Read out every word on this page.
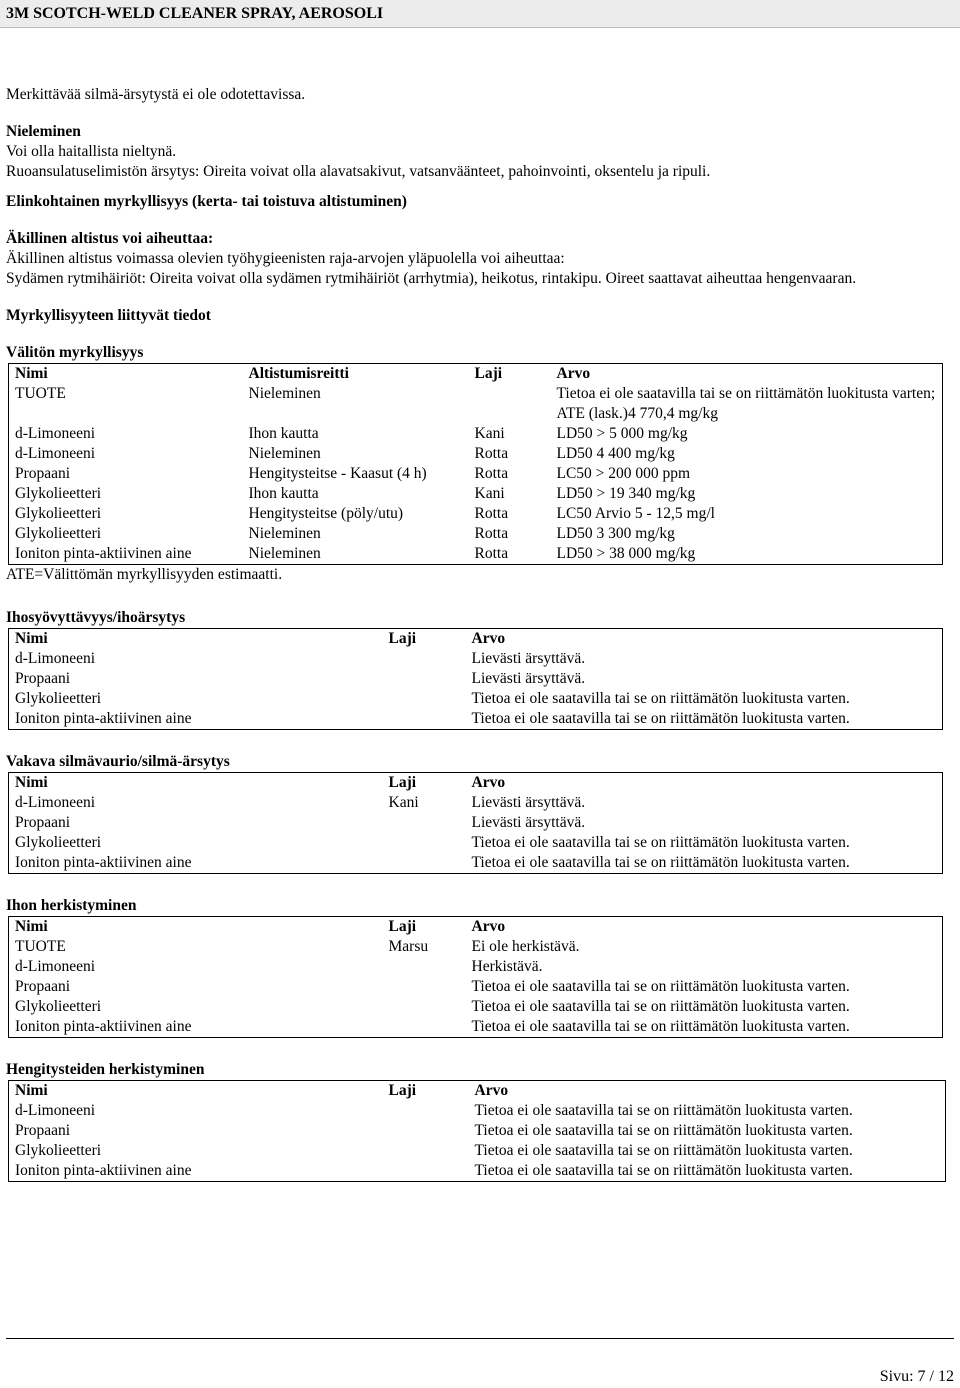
3M SCOTCH-WELD CLEANER SPRAY, AEROSOLI

Merkittävää silmä-ärsytystä ei ole odotettavissa.

Nieleminen

Voi olla haitallista nieltynä.

Ruoansulatuselimistön ärsytys: Oireita voivat olla alavatsakivut, vatsanväänteet, pahoinvointi, oksentelu ja ripuli.

Elinkohtainen myrkyllisyys (kerta- tai toistuva altistuminen)

Äkillinen altistus voi aiheuttaa:

Äkillinen altistus voimassa olevien työhygieenisten raja-arvojen yläpuolella voi aiheuttaa:

Sydämen rytmihäiriöt: Oireita voivat olla sydämen rytmihäiriöt (arrhytmia), heikotus, rintakipu. Oireet saattavat aiheuttaa hengenvaaran.

Myrkyllisyyteen liittyvät tiedot

Välitön myrkyllisyys

Nimi	Altistumisreitti	Laji	Arvo
TUOTE	Nieleminen		Tietoa ei ole saatavilla tai se on riittämätön luokitusta varten; ATE (lask.)4 770,4 mg/kg
d-Limoneeni	Ihon kautta	Kani	LD50 > 5 000 mg/kg
d-Limoneeni	Nieleminen	Rotta	LD50 4 400 mg/kg
Propaani	Hengitysteitse - Kaasut (4 h)	Rotta	LC50 > 200 000 ppm
Glykolieetteri	Ihon kautta	Kani	LD50 > 19 340 mg/kg
Glykolieetteri	Hengitysteitse (pöly/utu)	Rotta	LC50 Arvio 5 - 12,5 mg/l
Glykolieetteri	Nieleminen	Rotta	LD50 3 300 mg/kg
Ioniton pinta-aktiivinen aine	Nieleminen	Rotta	LD50 > 38 000 mg/kg

ATE=Välittömän myrkyllisyyden estimaatti.

Ihosyövyttävyys/ihoärsytys

Nimi	Laji	Arvo
d-Limoneeni		Lievästi ärsyttävä.
Propaani		Lievästi ärsyttävä.
Glykolieetteri		Tietoa ei ole saatavilla tai se on riittämätön luokitusta varten.
Ioniton pinta-aktiivinen aine		Tietoa ei ole saatavilla tai se on riittämätön luokitusta varten.

Vakava silmävaurio/silmä-ärsytys

Nimi	Laji	Arvo
d-Limoneeni	Kani	Lievästi ärsyttävä.
Propaani		Lievästi ärsyttävä.
Glykolieetteri		Tietoa ei ole saatavilla tai se on riittämätön luokitusta varten.
Ioniton pinta-aktiivinen aine		Tietoa ei ole saatavilla tai se on riittämätön luokitusta varten.

Ihon herkistyminen

Nimi	Laji	Arvo
TUOTE	Marsu	Ei ole herkistävä.
d-Limoneeni		Herkistävä.
Propaani		Tietoa ei ole saatavilla tai se on riittämätön luokitusta varten.
Glykolieetteri		Tietoa ei ole saatavilla tai se on riittämätön luokitusta varten.
Ioniton pinta-aktiivinen aine		Tietoa ei ole saatavilla tai se on riittämätön luokitusta varten.

Hengitysteiden herkistyminen

Nimi	Laji	Arvo
d-Limoneeni		Tietoa ei ole saatavilla tai se on riittämätön luokitusta varten.
Propaani		Tietoa ei ole saatavilla tai se on riittämätön luokitusta varten.
Glykolieetteri		Tietoa ei ole saatavilla tai se on riittämätön luokitusta varten.
Ioniton pinta-aktiivinen aine		Tietoa ei ole saatavilla tai se on riittämätön luokitusta varten.
Sivu: 7 / 12
